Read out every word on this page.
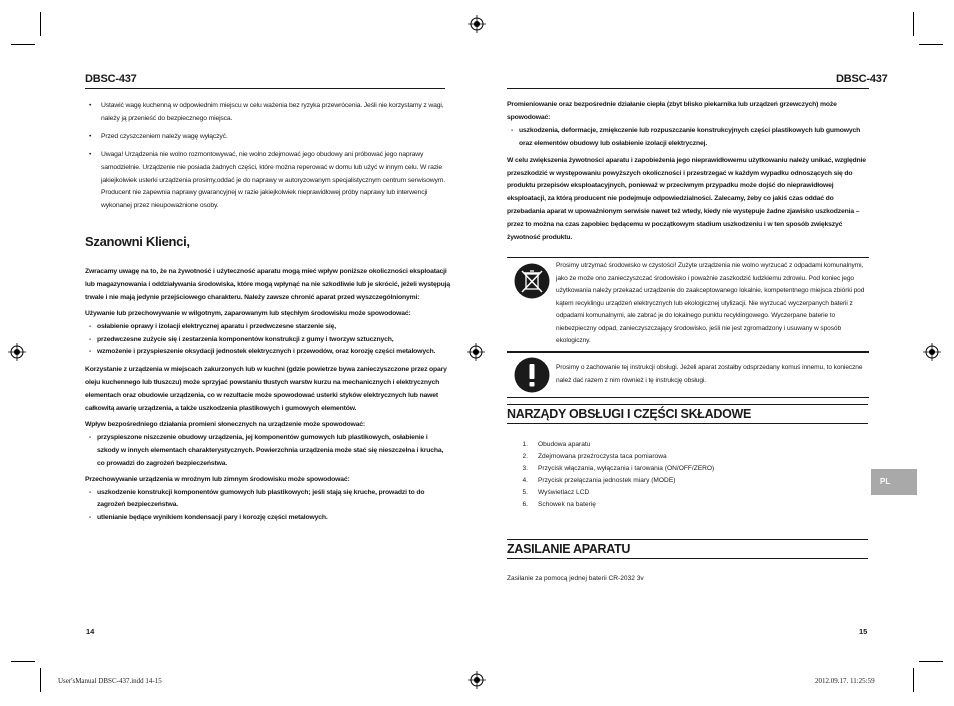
DBSC-437	DBSC-437
• Ustawić wagę kuchenną w odpowiednim miejscu w celu ważenia bez ryzyka przewrócenia. Jeśli nie korzystamy z wagi, należy ją przenieść do bezpiecznego miejsca.
• Przed czyszczeniem należy wagę wyłączyć.
• Uwaga! Urządzenia nie wolno rozmontowywać, nie wolno zdejmować jego obudowy ani próbować jego naprawy samodzielnie. Urządzenie nie posiada żadnych części, które można reperować w domu lub użyć w innym celu. W razie jakiejkolwiek usterki urządzenia prosimy,oddać je do naprawy w autoryzowanym specjalistycznym centrum serwisowym. Producent nie zapewnia naprawy gwarancyjnej w razie jakiejkolwiek nieprawidłowej próby naprawy lub interwencji wykonanej przez nieupoważnione osoby.
Szanowni Klienci,

Zwracamy uwagę na to, że na żywotność i użyteczność aparatu mogą mieć wpływ poniższe okoliczności eksploatacji lub magazynowania i oddziaływania środowiska, które mogą wpłynąć na nie szkodliwie lub je skrócić, jeżeli występują trwale i nie mają jedynie przejściowego charakteru. Należy zawsze chronić aparat przed wyszczególnionymi:

Używanie lub przechowywanie w wilgotnym, zaparowanym lub stęchłym środowisku może spowodować:

- osłabienie oprawy i izolacji elektrycznej aparatu i przedwczesne starzenie się,
- przedwczesne zużycie się i zestarzenia komponentów konstrukcji z gumy i tworzyw sztucznych,
- wzmożenie i przyspieszenie oksydacji jednostek elektrycznych i przewodów, oraz korozję części metalowych.

Korzystanie z urządzenia w miejscach zakurzonych lub w kuchni (gdzie powietrze bywa zanieczyszczone przez opary oleju kuchennego lub tłuszczu) może sprzyjać powstaniu tłustych warstw kurzu na mechanicznych i elektrycznych elementach oraz obudowie urządzenia, co w rezultacie może spowodować usterki styków elektrycznych lub nawet całkowitą awarię urządzenia, a także uszkodzenia plastikowych i gumowych elementów.

Wpływ bezpośredniego działania promieni słonecznych na urządzenie może spowodować:

- przyspieszone niszczenie obudowy urządzenia, jej komponentów gumowych lub plastikowych, osłabienie i szkody w innych elementach charakterystycznych. Powierzchnia urządzenia może stać się nieszczelna i krucha, co prowadzi do zagrożeń bezpieczeństwa.

Przechowywanie urządzenia w mroźnym lub zimnym środowisku może spowodować:

- uszkodzenie konstrukcji komponentów gumowych lub plastikowych; jeśli stają się kruche, prowadzi to do zagrożeń bezpieczeństwa.
- utlenianie będące wynikiem kondensacji pary i korozję części metalowych.
14

Promieniowanie oraz bezpośrednie działanie ciepła (zbyt blisko piekarnika lub urządzeń grzewczych) może spowodować:

- uszkodzenia, deformacje, zmiękczenie lub rozpuszczanie konstrukcyjnych części plastikowych lub gumowych oraz elementów obudowy lub osłabienie izolacji elektrycznej.

W celu zwiększenia żywotności aparatu i zapobieżenia jego nieprawidłowemu użytkowaniu należy unikać, względnie przeszkodzić w występowaniu powyższych okoliczności i przestrzegać w każdym wypadku odnoszących się do produktu przepisów eksploatacyjnych, ponieważ w przeciwnym przypadku może dojść do nieprawidłowej eksploatacji, za którą producent nie podejmuje odpowiedzialności. Zalecamy, żeby co jakiś czas oddać do przebadania aparat w upoważnionym serwisie nawet też wtedy, kiedy nie występuje żadne zjawisko uszkodzenia – przez to można na czas zapobiec będącemu w początkowym stadium uszkodzeniu i w ten sposób zwiększyć żywotność produktu.

Prosimy utrzymać środowisko w czystości! Zużyte urządzenia nie wolno wyrzucać z odpadami komunalnymi, jako że może ono zanieczyszczać środowisko i poważnie zaszkodzić ludzkiemu zdrowiu. Pod koniec jego użytkowania należy przekazać urządzenie do zaakceptowanego lokalnie, kompetentnego miejsca zbiórki pod kątem recyklingu urządzeń elektrycznych lub ekologicznej utylizacji. Nie wyrzucać wyczerpanych baterii z odpadami komunalnymi, ale zabrać je do lokalnego punktu recyklingowego. Wyczerpane baterie to niebezpieczny odpad, zanieczyszczający środowisko, jeśli nie jest zgromadzony i usuwany w sposób ekologiczny.
Prosimy o zachowanie tej instrukcji obsługi. Jeżeli aparat zostałby odsprzedany komuś innemu, to konieczne należ dać razem z nim również i tę instrukcję obsługi.
NARZĄDY OBSŁUGI I CZĘŚCI SKŁADOWE
1.	Obudowa aparatu
2.	Zdejmowana przeźroczysta taca pomiarowa
3.	Przycisk włączania, wyłączania i tarowania (ON/OFF/ZERO)
4.	Przycisk przełączania jednostek miary (MODE)
5.	Wyświetlacz LCD
6.	Schowek na baterię
PL
ZASILANIE APARATU
Zasilanie za pomocą jednej baterii CR-2032 3v
15
User'sManual DBSC-437.indd 14-15	2012.09.17. 11:25:59
